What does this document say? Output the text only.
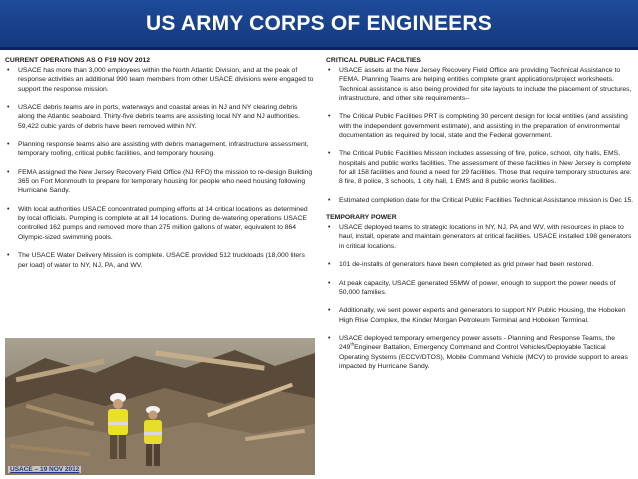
US ARMY CORPS OF ENGINEERS
CURRENT OPERATIONS AS O F19 NOV 2012
• USACE has more than 3,000 employees within the North Atlantic Division, and at the peak of response activities an additional 990 team members from other USACE divisions were engaged to support the response mission.
• USACE debris teams are in ports, waterways and coastal areas in NJ and NY clearing debris along the Atlantic seaboard. Thirty-five debris teams are assisting local NY and NJ authorities. 59,422 cubic yards of debris have been removed within NY.
• Planning response teams also are assisting with debris management, infrastructure assessment, temporary roofing, critical public facilities, and temporary housing.
• FEMA assigned the New Jersey Recovery Field Office (NJ RFO) the mission to re-design Building 365 on Fort Monmouth to prepare for temporary housing for people who need housing following Hurricane Sandy.
• With local authorities USACE concentrated pumping efforts at 14 critical locations as determined by local officials. Pumping is complete at all 14 locations. During de-watering operations USACE controlled 162 pumps and removed more than 275 million gallons of water, equivalent to 864 Olympic-sized swimming pools.
• The USACE Water Delivery Mission is complete. USACE provided 512 truckloads (18,000 liters per load) of water to NY, NJ, PA, and WV.
USACE – 19 NOV 2012
CRITICAL PUBLIC FACILTIES
• USACE assets at the New Jersey Recovery Field Office are providing Technical Assistance to FEMA. Planning Teams are helping entities complete grant applications/project worksheets. Technical assistance is also being provided for site layouts to include the placement of structures, infrastructure, and other site requirements--
• The Critical Public Facilities PRT is completing 30 percent design for local entities (and assisting with the independent government estimate), and assisting in the preparation of environmental documentation as required by local, state and the Federal government.
• The Critical Public Facilities Mission includes assessing of fire, police, school, city halls, EMS, hospitals and public works facilities. The assessment of these facilities in New Jersey is complete for all 158 facilities and found a need for 29 facilities. Those that require temporary structures are: 8 fire, 8 police, 3 schools, 1 city hall, 1 EMS and 8 public works facilities.
• Estimated completion date for the Critical Public Facilities Technical Assistance mission is Dec 15.
TEMPORARY POWER
• USACE deployed teams to strategic locations in NY, NJ, PA and WV, with resources in place to haul, install, operate and maintain generators at critical facilities. USACE installed 198 generators in critical locations.
• 101 de-installs of generators have been completed as grid power had been restored.
• At peak capacity, USACE generated 55MW of power, enough to support the power needs of 50,000 families.
• Additionally, we sent power experts and generators to support NY Public Housing, the Hoboken High Rise Complex, the Kinder Morgan Petroleum Terminal and Hoboken Terminal.
• USACE deployed temporary emergency power assets - Planning and Response Teams, the 249thEngineer Battalion, Emergency Command and Control Vehicles/Deployable Tactical Operating Systems (ECCV/DTOS), Mobile Command Vehicle (MCV) to provide support to areas impacted by Hurricane Sandy.
